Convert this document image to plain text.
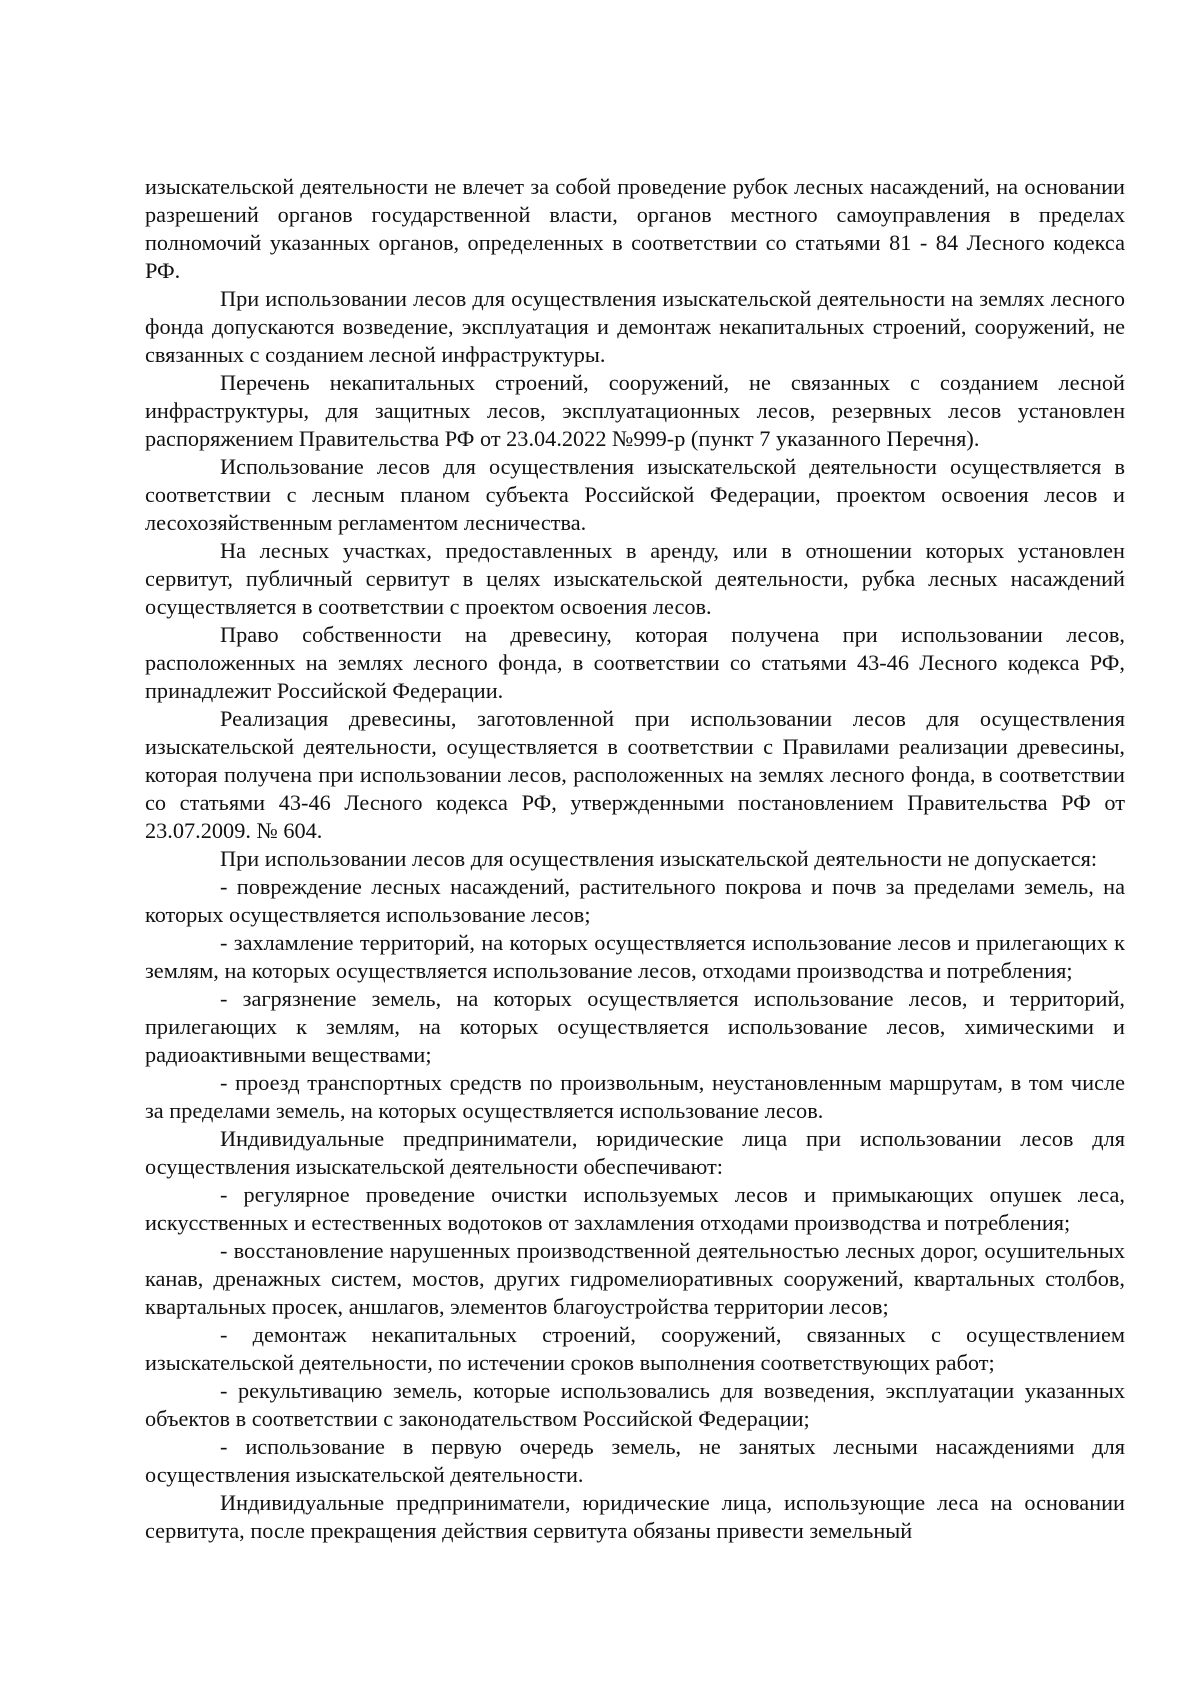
изыскательской деятельности не влечет за собой проведение рубок лесных насаждений, на основании разрешений органов государственной власти, органов местного самоуправления в пределах полномочий указанных органов, определенных в соответствии со статьями 81 - 84 Лесного кодекса РФ.

При использовании лесов для осуществления изыскательской деятельности на землях лесного фонда допускаются возведение, эксплуатация и демонтаж некапитальных строений, сооружений, не связанных с созданием лесной инфраструктуры.

Перечень некапитальных строений, сооружений, не связанных с созданием лесной инфраструктуры, для защитных лесов, эксплуатационных лесов, резервных лесов установлен распоряжением Правительства РФ от 23.04.2022 №999-р (пункт 7 указанного Перечня).

Использование лесов для осуществления изыскательской деятельности осуществляется в соответствии с лесным планом субъекта Российской Федерации, проектом освоения лесов и лесохозяйственным регламентом лесничества.

На лесных участках, предоставленных в аренду, или в отношении которых установлен сервитут, публичный сервитут в целях изыскательской деятельности, рубка лесных насаждений осуществляется в соответствии с проектом освоения лесов.

Право собственности на древесину, которая получена при использовании лесов, расположенных на землях лесного фонда, в соответствии со статьями 43-46 Лесного кодекса РФ, принадлежит Российской Федерации.

Реализация древесины, заготовленной при использовании лесов для осуществления изыскательской деятельности, осуществляется в соответствии с Правилами реализации древесины, которая получена при использовании лесов, расположенных на землях лесного фонда, в соответствии со статьями 43-46 Лесного кодекса РФ, утвержденными постановлением Правительства РФ от 23.07.2009. № 604.

При использовании лесов для осуществления изыскательской деятельности не допускается:

- повреждение лесных насаждений, растительного покрова и почв за пределами земель, на которых осуществляется использование лесов;

- захламление территорий, на которых осуществляется использование лесов и прилегающих к землям, на которых осуществляется использование лесов, отходами производства и потребления;

- загрязнение земель, на которых осуществляется использование лесов, и территорий, прилегающих к землям, на которых осуществляется использование лесов, химическими и радиоактивными веществами;

- проезд транспортных средств по произвольным, неустановленным маршрутам, в том числе за пределами земель, на которых осуществляется использование лесов.

Индивидуальные предприниматели, юридические лица при использовании лесов для осуществления изыскательской деятельности обеспечивают:

- регулярное проведение очистки используемых лесов и примыкающих опушек леса, искусственных и естественных водотоков от захламления отходами производства и потребления;

- восстановление нарушенных производственной деятельностью лесных дорог, осушительных канав, дренажных систем, мостов, других гидромелиоративных сооружений, квартальных столбов, квартальных просек, аншлагов, элементов благоустройства территории лесов;

- демонтаж некапитальных строений, сооружений, связанных с осуществлением изыскательской деятельности, по истечении сроков выполнения соответствующих работ;

- рекультивацию земель, которые использовались для возведения, эксплуатации указанных объектов в соответствии с законодательством Российской Федерации;

- использование в первую очередь земель, не занятых лесными насаждениями для осуществления изыскательской деятельности.

Индивидуальные предприниматели, юридические лица, использующие леса на основании сервитута, после прекращения действия сервитута обязаны привести земельный
